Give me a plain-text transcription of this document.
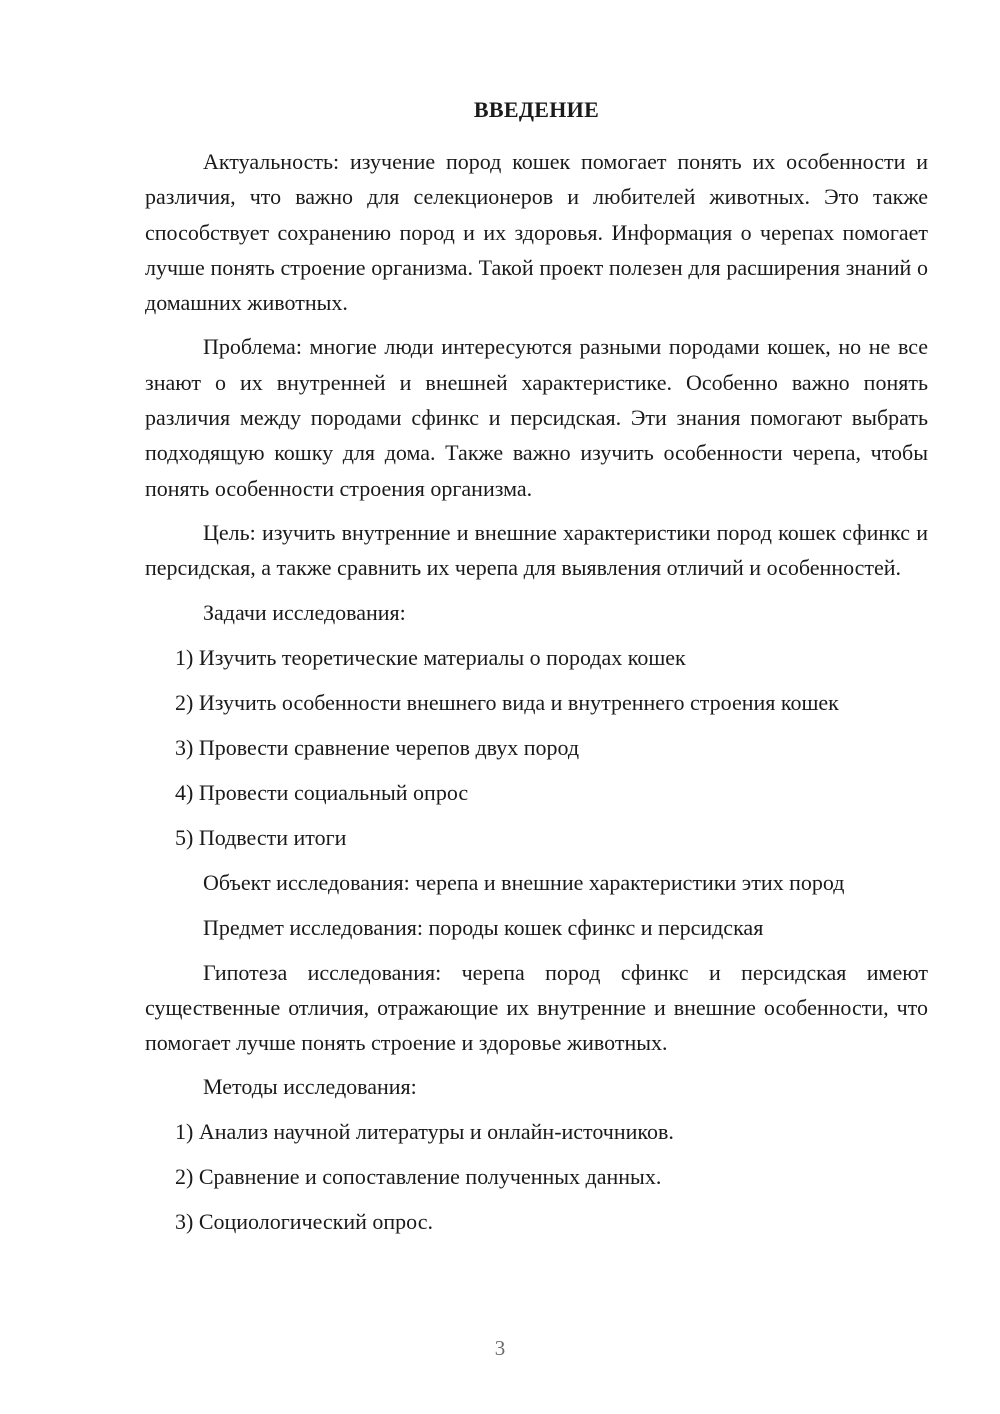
ВВЕДЕНИЕ

Актуальность: изучение пород кошек помогает понять их особенности и различия, что важно для селекционеров и любителей животных. Это также способствует сохранению пород и их здоровья. Информация о черепах помогает лучше понять строение организма. Такой проект полезен для расширения знаний о домашних животных.

Проблема: многие люди интересуются разными породами кошек, но не все знают о их внутренней и внешней характеристике. Особенно важно понять различия между породами сфинкс и персидская. Эти знания помогают выбрать подходящую кошку для дома. Также важно изучить особенности черепа, чтобы понять особенности строения организма.

Цель: изучить внутренние и внешние характеристики пород кошек сфинкс и персидская, а также сравнить их черепа для выявления отличий и особенностей.

Задачи исследования:
1) Изучить теоретические материалы о породах кошек
2) Изучить особенности внешнего вида и внутреннего строения кошек
3) Провести сравнение черепов двух пород
4) Провести социальный опрос
5) Подвести итоги
Объект исследования: черепа и внешние характеристики этих пород
Предмет исследования: породы кошек сфинкс и персидская

Гипотеза исследования: черепа пород сфинкс и персидская имеют существенные отличия, отражающие их внутренние и внешние особенности, что помогает лучше понять строение и здоровье животных.

Методы исследования:
1) Анализ научной литературы и онлайн-источников.
2) Сравнение и сопоставление полученных данных.
3) Социологический опрос.
3
